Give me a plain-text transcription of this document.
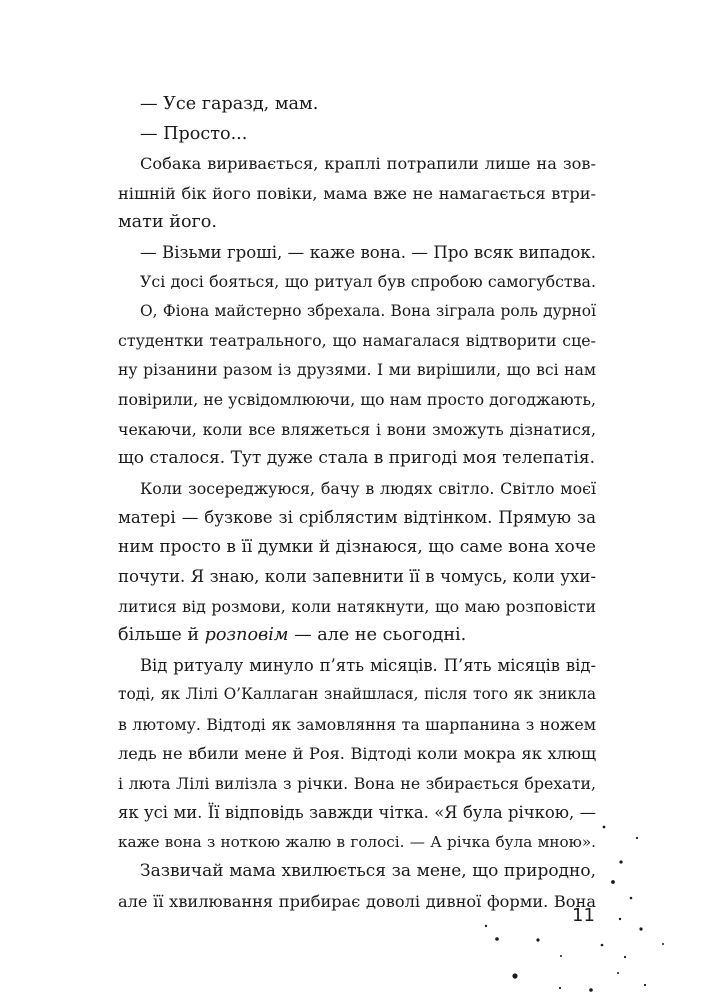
— Усе гаразд, мам.
— Просто...
Собака виривається, краплі потрапили лише на зов-
нішній бік його повіки, мама вже не намагається втри-
мати його.
— Візьми гроші, — каже вона. — Про всяк випадок.
Усі досі бояться, що ритуал був спробою самогубства.
О, Фіона майстерно збрехала. Вона зіграла роль дурної
студентки театрального, що намагалася відтворити сце-
ну різанини разом із друзями. І ми вирішили, що всі нам
повірили, не усвідомлюючи, що нам просто догоджають,
чекаючи, коли все вляжеться і вони зможуть дізнатися,
що сталося. Тут дуже стала в пригоді моя телепатія.
Коли зосереджуюся, бачу в людях світло. Світло моєї
матері — бузкове зі сріблястим відтінком. Прямую за
ним просто в її думки й дізнаюся, що саме вона хоче
почути. Я знаю, коли запевнити її в чомусь, коли ухи-
литися від розмови, коли натякнути, що маю розповісти
більше й розповім — але не сьогодні.
Від ритуалу минуло п’ять місяців. П’ять місяців від-
тоді, як Лілі О’Каллаган знайшлася, після того як зникла
в лютому. Відтоді як замовляння та шарпанина з ножем
ледь не вбили мене й Роя. Відтоді коли мокра як хлющ
і люта Лілі вилізла з річки. Вона не збирається брехати,
як усі ми. Її відповідь завжди чітка. «Я була річкою, —
каже вона з ноткою жалю в голосі. — А річка була мною».
Зазвичай мама хвилюється за мене, що природно,
але її хвилювання прибирає доволі дивної форми. Вона
11
